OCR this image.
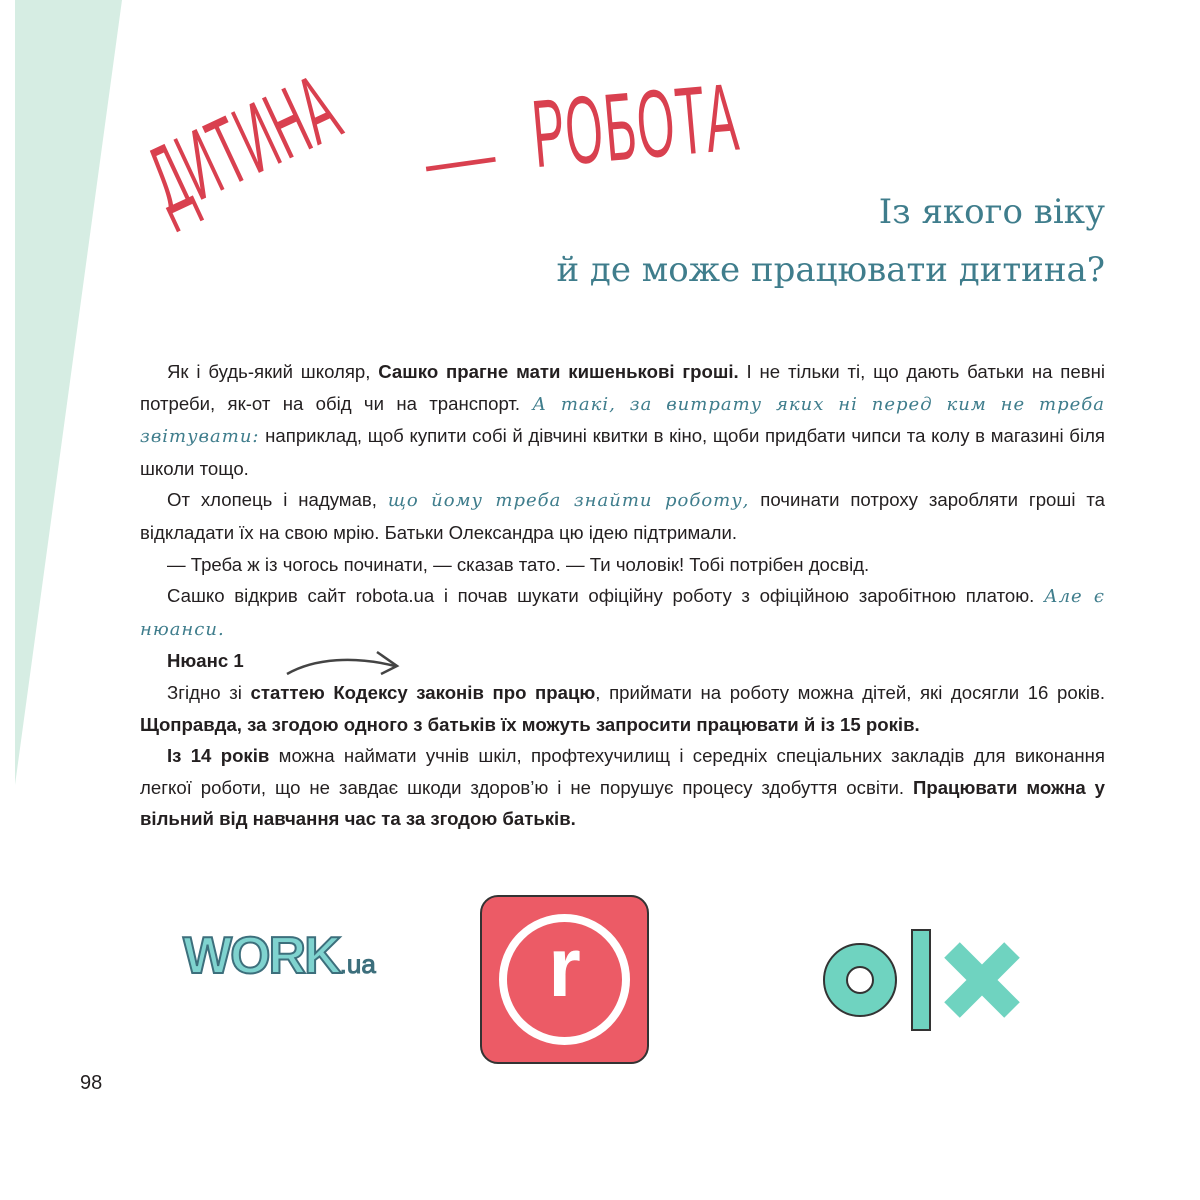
ДИТИНА — РОБОТА
Із якого віку
й де може працювати дитина?

Як і будь-який школяр, Сашко прагне мати кишенькові гроші. І не тільки ті, що дають батьки на певні потреби, як-от на обід чи на транспорт. А такі, за витрату яких ні перед ким не треба звітувати: наприклад, щоб купити собі й дівчині квитки в кіно, щоби придбати чипси та колу в магазині біля школи тощо.

От хлопець і надумав, що йому треба знайти роботу, починати потроху заробляти гроші та відкладати їх на свою мрію. Батьки Олександра цю ідею підтримали.

— Треба ж із чогось починати, — сказав тато. — Ти чоловік! Тобі потрібен досвід.

Сашко відкрив сайт robota.ua і почав шукати офіційну роботу з офіційною заробітною платою. Але є нюанси.

Нюанс 1

Згідно зі статтею Кодексу законів про працю, приймати на роботу можна дітей, які досягли 16 років. Щоправда, за згодою одного з батьків їх можуть запросити працювати й із 15 років.

Із 14 років можна наймати учнів шкіл, профтехучилищ і середніх спеціальних закладів для виконання легкої роботи, що не завдає шкоди здоров’ю і не порушує процесу здобуття освіти. Працювати можна у вільний від навчання час та за згодою батьків.

WORK.ua	r
98
